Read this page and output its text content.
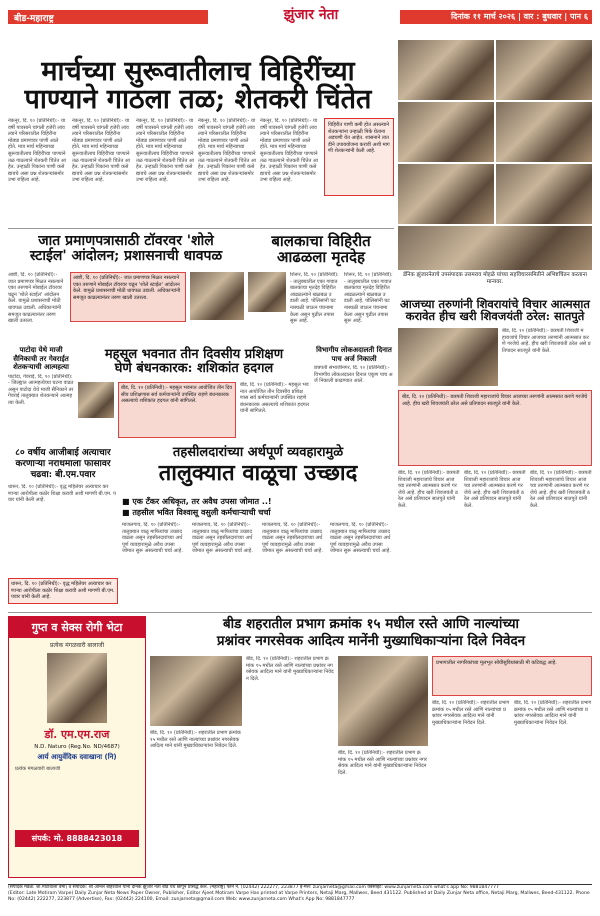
बीड-महाराष्ट्र	झुंजार नेता	दिनांक ११ मार्च २०२६ | वार : बुधवार | पान ६
मार्चच्या सुरूवातीलाच विहिरींच्या
पाण्याने गाठला तळ; शेतकरी चिंतेत
नेकनूर, दि. १० (प्रतिनिधी):- या वर्षी पावसाने चांगली हजेरी लावल्याने परिसरातील विहिरींना मोठ्या प्रमाणावर पाणी आले होते. मात्र मार्च महिन्याच्या सुरूवातीलाच विहिरींच्या पाण्याने तळ गाठल्याने शेतकरी चिंतेत आहेत. उन्हाळी पिकांना पाणी कसे द्यायचे असा प्रश्न शेतकऱ्यांसमोर उभा राहिला आहे.
नेकनूर, दि. १० (प्रतिनिधी):- या वर्षी पावसाने चांगली हजेरी लावल्याने परिसरातील विहिरींना मोठ्या प्रमाणावर पाणी आले होते. मात्र मार्च महिन्याच्या सुरूवातीलाच विहिरींच्या पाण्याने तळ गाठल्याने शेतकरी चिंतेत आहेत. उन्हाळी पिकांना पाणी कसे द्यायचे असा प्रश्न शेतकऱ्यांसमोर उभा राहिला आहे.
नेकनूर, दि. १० (प्रतिनिधी):- या वर्षी पावसाने चांगली हजेरी लावल्याने परिसरातील विहिरींना मोठ्या प्रमाणावर पाणी आले होते. मात्र मार्च महिन्याच्या सुरूवातीलाच विहिरींच्या पाण्याने तळ गाठल्याने शेतकरी चिंतेत आहेत. उन्हाळी पिकांना पाणी कसे द्यायचे असा प्रश्न शेतकऱ्यांसमोर उभा राहिला आहे.
नेकनूर, दि. १० (प्रतिनिधी):- या वर्षी पावसाने चांगली हजेरी लावल्याने परिसरातील विहिरींना मोठ्या प्रमाणावर पाणी आले होते. मात्र मार्च महिन्याच्या सुरूवातीलाच विहिरींच्या पाण्याने तळ गाठल्याने शेतकरी चिंतेत आहेत. उन्हाळी पिकांना पाणी कसे द्यायचे असा प्रश्न शेतकऱ्यांसमोर उभा राहिला आहे.
नेकनूर, दि. १० (प्रतिनिधी):- या वर्षी पावसाने चांगली हजेरी लावल्याने परिसरातील विहिरींना मोठ्या प्रमाणावर पाणी आले होते. मात्र मार्च महिन्याच्या सुरूवातीलाच विहिरींच्या पाण्याने तळ गाठल्याने शेतकरी चिंतेत आहेत. उन्हाळी पिकांना पाणी कसे द्यायचे असा प्रश्न शेतकऱ्यांसमोर उभा राहिला आहे.
विहिरीत पाणी कमी होत असल्याने शेतकऱ्यांना उन्हाळी पिके घेताना अडचणी येत आहेत. शासनाने तातडीने उपाययोजना करावी अशी मागणी शेतकऱ्यांनी केली आहे.
डॅनिक झुंजारनेताचे उपसंपादक उत्तमराव मोहळे यांच्या सहविचारसमितीने अभिष्टचिंतन करताना मान्यवर.
जात प्रमाणपत्रासाठी टॉवरवर 'शोले
स्टाईल' आंदोलन; प्रशासनाची धावपळ
आष्टी, दि. १० (प्रतिनिधी):- जात प्रमाणपत्र मिळत नसल्याने एका तरुणाने मोबाईल टॉवरवर चढून 'शोले स्टाईल' आंदोलन केले. यामुळे प्रशासनाची मोठी धावपळ उडाली. अधिकाऱ्यांनी समजूत काढल्यानंतर तरुण खाली उतरला.
आष्टी, दि. १० (प्रतिनिधी):- जात प्रमाणपत्र मिळत नसल्याने एका तरुणाने मोबाईल टॉवरवर चढून 'शोले स्टाईल' आंदोलन केले. यामुळे प्रशासनाची मोठी धावपळ उडाली. अधिकाऱ्यांनी समजूत काढल्यानंतर तरुण खाली उतरला.
बालकाचा विहिरीत
आढळला मृतदेह
शिरूर, दि. १० (प्रतिनिधी):- तालुक्यातील एका गावात बालकाचा मृतदेह विहिरीत आढळल्याने खळबळ उडाली आहे. पोलिसांनी घटनास्थळी जाऊन पंचनामा केला असून पुढील तपास सुरू आहे.
शिरूर, दि. १० (प्रतिनिधी):- तालुक्यातील एका गावात बालकाचा मृतदेह विहिरीत आढळल्याने खळबळ उडाली आहे. पोलिसांनी घटनास्थळी जाऊन पंचनामा केला असून पुढील तपास सुरू आहे.
पाटोदा येथे माजी सैनिकाची तर गेवराईत शेतकऱ्याची आत्महत्या
पाटोदा, गेवराई, दि. १० (प्रतिनिधी):- जिल्ह्यात आत्महत्येच्या घटना वाढत असून पाटोदा येथे माजी सैनिकाने तर गेवराई तालुक्यात शेतकऱ्याने आत्महत्या केली.
महसूल भवनात तीन दिवसीय प्रशिक्षण
घेणे बंधनकारक: शशिकांत हदगल
बीड, दि. १० (प्रतिनिधी):- महसूल भवनात आयोजित तीन दिवसीय प्रशिक्षणास सर्व कर्मचाऱ्यांनी उपस्थित राहणे बंधनकारक असल्याचे शशिकांत हदगल यांनी सांगितले.
बीड, दि. १० (प्रतिनिधी):- महसूल भवनात आयोजित तीन दिवसीय प्रशिक्षणास सर्व कर्मचाऱ्यांनी उपस्थित राहणे बंधनकारक असल्याचे शशिकांत हदगल यांनी सांगितले.
विभागीय लोकअदालती दिनात पाच अर्ज निकाली
छत्रपती संभाजीनगर, दि. १० (प्रतिनिधी):- विभागीय लोकअदालत दिनात एकूण पाच अर्ज निकाली काढण्यात आले.
आजच्या तरुणांनी शिवरायांचे विचार आत्मसात
करावेत हीच खरी शिवजयंती ठरेल: सातपुते
बीड, दि. १० (प्रतिनिधी):- छत्रपती शिवाजी महाराजांचे विचार आजच्या तरुणांनी आत्मसात करणे गरजेचे आहे. हीच खरी शिवजयंती ठरेल असे प्रतिपादन सातपुते यांनी केले.
बीड, दि. १० (प्रतिनिधी):- छत्रपती शिवाजी महाराजांचे विचार आजच्या तरुणांनी आत्मसात करणे गरजेचे आहे. हीच खरी शिवजयंती ठरेल असे प्रतिपादन सातपुते यांनी केले.
बीड, दि. १० (प्रतिनिधी):- छत्रपती शिवाजी महाराजांचे विचार आजच्या तरुणांनी आत्मसात करणे गरजेचे आहे. हीच खरी शिवजयंती ठरेल असे प्रतिपादन सातपुते यांनी केले.
बीड, दि. १० (प्रतिनिधी):- छत्रपती शिवाजी महाराजांचे विचार आजच्या तरुणांनी आत्मसात करणे गरजेचे आहे. हीच खरी शिवजयंती ठरेल असे प्रतिपादन सातपुते यांनी केले.
बीड, दि. १० (प्रतिनिधी):- छत्रपती शिवाजी महाराजांचे विचार आजच्या तरुणांनी आत्मसात करणे गरजेचे आहे. हीच खरी शिवजयंती ठरेल असे प्रतिपादन सातपुते यांनी केले.
८० वर्षीय आजीबाई अत्याचार करणाऱ्या नराधमाला फासावर चढवा: बी.एम.पवार
धारूर, दि. १० (प्रतिनिधी):- वृद्ध महिलेवर अत्याचार करणाऱ्या आरोपीला कठोर शिक्षा करावी अशी मागणी बी.एम. पवार यांनी केली आहे.
धारूर, दि. १० (प्रतिनिधी):- वृद्ध महिलेवर अत्याचार करणाऱ्या आरोपीला कठोर शिक्षा करावी अशी मागणी बी.एम. पवार यांनी केली आहे.
तहसीलदारांच्या अर्थपूर्ण व्यवहारामुळे
तालुक्यात वाळूचा उच्छाद
■ एक टँकर अधिकृत, तर अवैध उपसा जोमात ..!
■ तहसील भवित विश्वासू वसुली कर्मचाऱ्याची चर्चा
माजलगाव, दि. १० (प्रतिनिधी):- तालुक्यात वाळू माफियांचा उच्छाद वाढला असून तहसीलदारांच्या अर्थपूर्ण व्यवहारामुळे अवैध उपसा जोमात सुरू असल्याची चर्चा आहे.
माजलगाव, दि. १० (प्रतिनिधी):- तालुक्यात वाळू माफियांचा उच्छाद वाढला असून तहसीलदारांच्या अर्थपूर्ण व्यवहारामुळे अवैध उपसा जोमात सुरू असल्याची चर्चा आहे.
माजलगाव, दि. १० (प्रतिनिधी):- तालुक्यात वाळू माफियांचा उच्छाद वाढला असून तहसीलदारांच्या अर्थपूर्ण व्यवहारामुळे अवैध उपसा जोमात सुरू असल्याची चर्चा आहे.
माजलगाव, दि. १० (प्रतिनिधी):- तालुक्यात वाळू माफियांचा उच्छाद वाढला असून तहसीलदारांच्या अर्थपूर्ण व्यवहारामुळे अवैध उपसा जोमात सुरू असल्याची चर्चा आहे.
बीड शहरातील प्रभाग क्रमांक १५ मधील रस्ते आणि नाल्यांच्या
प्रश्नांवर नगरसेवक आदित्य मानेंनी मुख्याधिकाऱ्यांना दिले निवेदन
बीड, दि. १० (प्रतिनिधी):- शहरातील प्रभाग क्रमांक १५ मधील रस्ते आणि नाल्यांच्या प्रश्नांवर नगरसेवक आदित्य माने यांनी मुख्याधिकाऱ्यांना निवेदन दिले.
प्रभागातील नागरिकांच्या मूलभूत सोयीसुविधांसाठी मी कटिबद्ध आहे.
बीड, दि. १० (प्रतिनिधी):- शहरातील प्रभाग क्रमांक १५ मधील रस्ते आणि नाल्यांच्या प्रश्नांवर नगरसेवक आदित्य माने यांनी मुख्याधिकाऱ्यांना निवेदन दिले.
बीड, दि. १० (प्रतिनिधी):- शहरातील प्रभाग क्रमांक १५ मधील रस्ते आणि नाल्यांच्या प्रश्नांवर नगरसेवक आदित्य माने यांनी मुख्याधिकाऱ्यांना निवेदन दिले.
बीड, दि. १० (प्रतिनिधी):- शहरातील प्रभाग क्रमांक १५ मधील रस्ते आणि नाल्यांच्या प्रश्नांवर नगरसेवक आदित्य माने यांनी मुख्याधिकाऱ्यांना निवेदन दिले.
बीड, दि. १० (प्रतिनिधी):- शहरातील प्रभाग क्रमांक १५ मधील रस्ते आणि नाल्यांच्या प्रश्नांवर नगरसेवक आदित्य माने यांनी मुख्याधिकाऱ्यांना निवेदन दिले.
गुप्त व सेक्स रोगी भेटा
प्रत्येक मंगळवारी बालाजी
डॉ. एम.एम.राज
N.D. Naturo (Reg.No. ND/4687)
आर्य आयुर्वेदिक दवाखाना (नि)
प्रत्येक मंगळवारी बालाजी
संपर्क: मो. 8888423018
(संपादक मंडळ: जा.मोटीवाला वर्मा) व संपादक: श्री अनिल बहिरवाल यांनी दैनिक झुंजार नेता बीड येथे छापून प्रसिद्ध केले. (महाराष्ट्र) फोन नं. (02442) 222277, 223877 ई-मेल: zunjarneta@gmail.com वेबसाइट: www.zunjarneta.com what's app No: 9881847777
(Editor: Late Motiram Varpe) Daily Zunjar Neta News Paper Owner, Publisher, Editor Ajeet Motiram Varpe Has printed at Varpe Printers, Netaji Marg, Mallwes, Beed 431122. Published at Daily Zunjar Neta office, Netaji Marg, Mallwes, Beed-431122. Phone No: (02442) 222277, 223877 (Advertise), Fax: (02442) 224100, Email: zunjarneta@gmail.com Web: www.zunjarneta.com What's App No: 9881847777
